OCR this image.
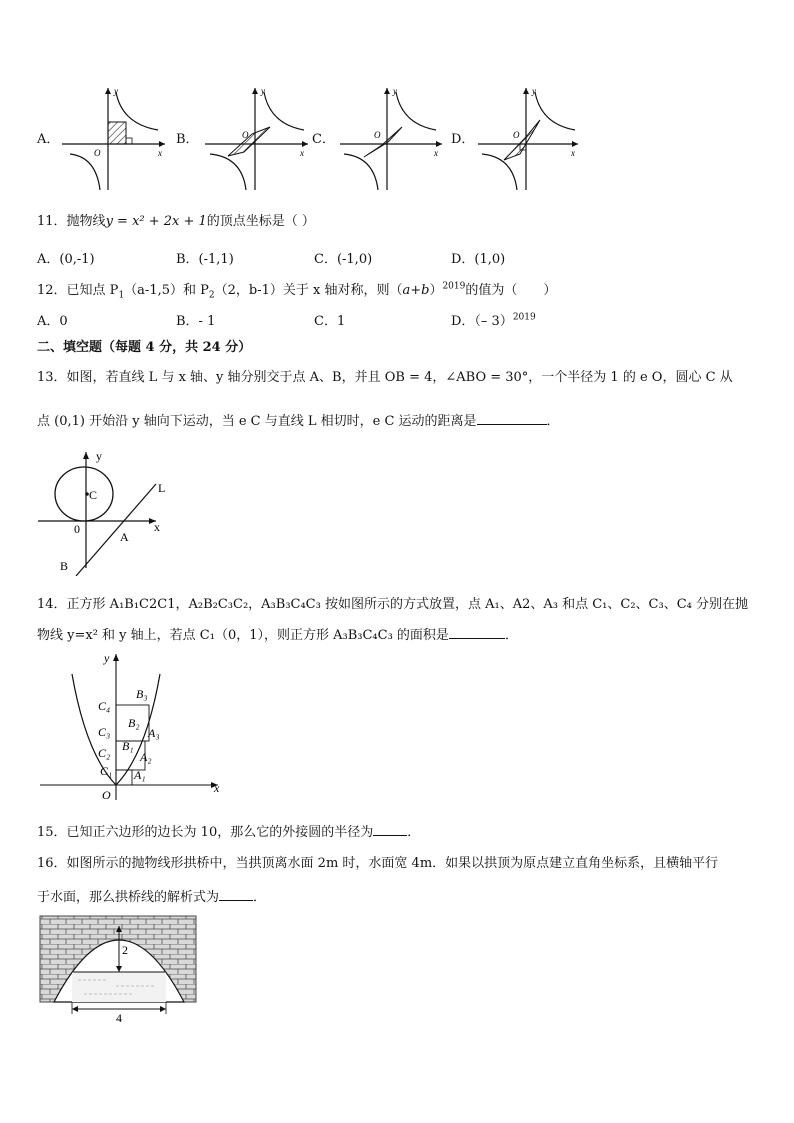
y
O	x
y
O
x
y
O
x
y
O
x
A．	B．	C．	D．
11．抛物线y = x² + 2x + 1的顶点坐标是（ ）
A．(0,-1)	B．(-1,1)	C．(-1,0)	D．(1,0)
12．已知点 $P_1(a-1,5)$和 $P_2(2$，b-1）关于 x 轴对称，则$(a+b)^{2019}$的值为（　　）
A．0	B．- 1	C．1	D．（– 3）$^{2019}$
二、填空题（每题 4 分，共 24 分）
13．如图，若直线 L 与 x 轴、y 轴分别交于点 A、B，并且 OB = 4，∠ABO = 30°，一个半径为 1 的 e O，圆心 C 从
点 (0,1) 开始沿 y 轴向下运动，当 e C 与直线 L 相切时，e C 运动的距离是	．
y
C	L
0	x
A
B
14．正方形 A₁B₁C2C1，A₂B₂C₃C₂，A₃B₃C₄C₃ 按如图所示的方式放置，点 A₁、A2、A₃ 和点 C₁、C₂、C₃、C₄ 分别在抛
物线 y=x² 和 y 轴上，若点 C₁（0，1），则正方形 A₃B₃C₄C₃ 的面积是	．
y
x
O
C₄
C₃
C₂
C₁
B₃
B₂
B₁
A₃
A₂
A₁
15．已知正六边形的边长为 10，那么它的外接圆的半径为	．
16．如图所示的抛物线形拱桥中，当拱顶离水面 2m 时，水面宽 4m．如果以拱顶为原点建立直角坐标系，且横轴平行
于水面，那么拱桥线的解析式为	．
2
4
